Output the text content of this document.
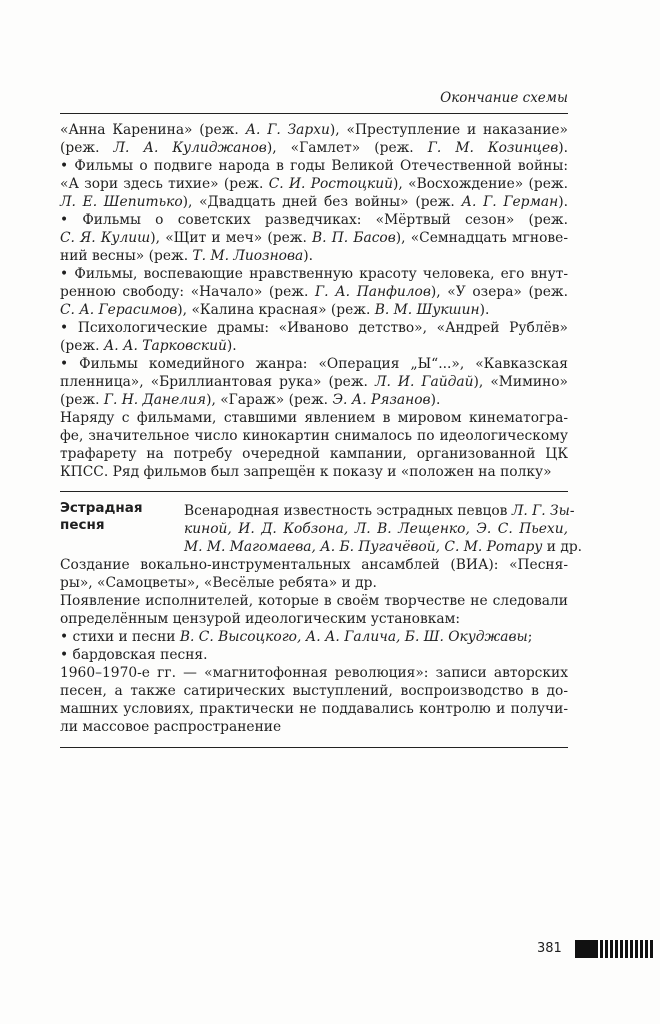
Окончание схемы
«Анна Каренина» (реж. А. Г. Зархи), «Преступление и наказание»
(реж. Л. А. Кулиджанов), «Гамлет» (реж. Г. М. Козинцев).
• Фильмы о подвиге народа в годы Великой Отечественной войны:
«А зори здесь тихие» (реж. С. И. Ростоцкий), «Восхождение» (реж.
Л. Е. Шепитько), «Двадцать дней без войны» (реж. А. Г. Герман).
• Фильмы о советских разведчиках: «Мёртвый сезон» (реж.
С. Я. Кулиш), «Щит и меч» (реж. В. П. Басов), «Семнадцать мгнове-
ний весны» (реж. Т. М. Лиознова).
• Фильмы, воспевающие нравственную красоту человека, его внут-
ренною свободу: «Начало» (реж. Г. А. Панфилов), «У озера» (реж.
С. А. Герасимов), «Калина красная» (реж. В. М. Шукшин).
• Психологические драмы: «Иваново детство», «Андрей Рублёв»
(реж. А. А. Тарковский).
• Фильмы комедийного жанра: «Операция „Ы“...», «Кавказская
пленница», «Бриллиантовая рука» (реж. Л. И. Гайдай), «Мимино»
(реж. Г. Н. Данелия), «Гараж» (реж. Э. А. Рязанов).
Наряду с фильмами, ставшими явлением в мировом кинематогра-
фе, значительное число кинокартин снималось по идеологическому
трафарету на потребу очередной кампании, организованной ЦК
КПСС. Ряд фильмов был запрещён к показу и «положен на полку»
Эстрадная
песня
Всенародная известность эстрадных певцов Л. Г. Зы-
киной, И. Д. Кобзона, Л. В. Лещенко, Э. С. Пьехи,
М. М. Магомаева, А. Б. Пугачёвой, С. М. Ротару и др.
Создание вокально-инструментальных ансамблей (ВИА): «Песня-
ры», «Самоцветы», «Весёлые ребята» и др.
Появление исполнителей, которые в своём творчестве не следовали
определённым цензурой идеологическим установкам:
• стихи и песни В. С. Высоцкого, А. А. Галича, Б. Ш. Окуджавы;
• бардовская песня.
1960–1970-е гг. — «магнитофонная революция»: записи авторских
песен, а также сатирических выступлений, воспроизводство в до-
машних условиях, практически не поддавались контролю и получи-
ли массовое распространение
381
